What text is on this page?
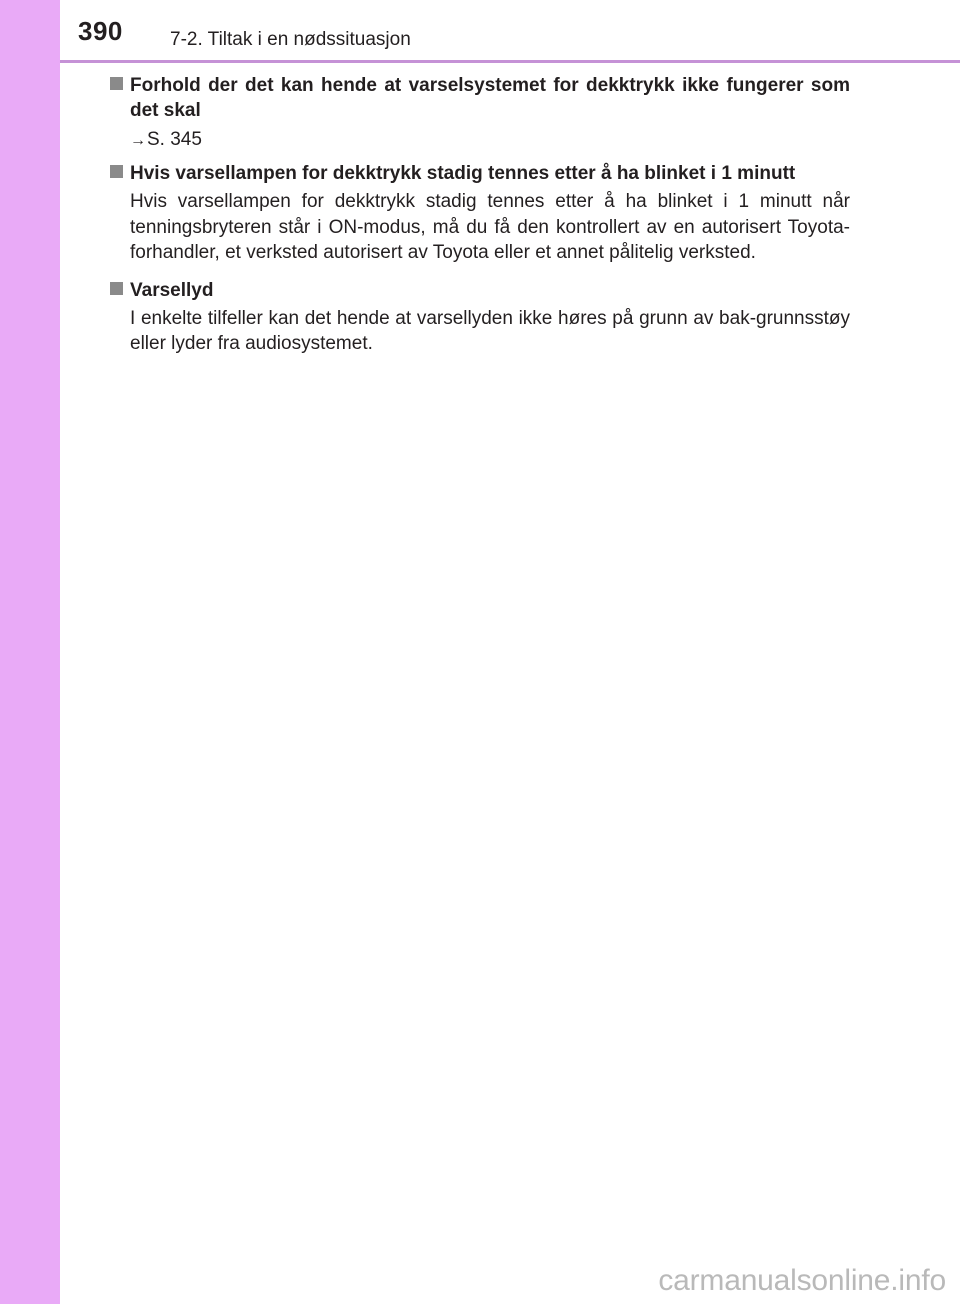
390 7-2. Tiltak i en nødssituasjon
Forhold der det kan hende at varselsystemet for dekktrykk ikke fungerer som det skal
→S. 345
Hvis varsellampen for dekktrykk stadig tennes etter å ha blinket i 1 minutt
Hvis varsellampen for dekktrykk stadig tennes etter å ha blinket i 1 minutt når tenningsbryteren står i ON-modus, må du få den kontrollert av en autorisert Toyota-forhandler, et verksted autorisert av Toyota eller et annet pålitelig verksted.
Varsellyd
I enkelte tilfeller kan det hende at varsellyden ikke høres på grunn av bak-grunnsstøy eller lyder fra audiosystemet.
carmanualsonline.info
